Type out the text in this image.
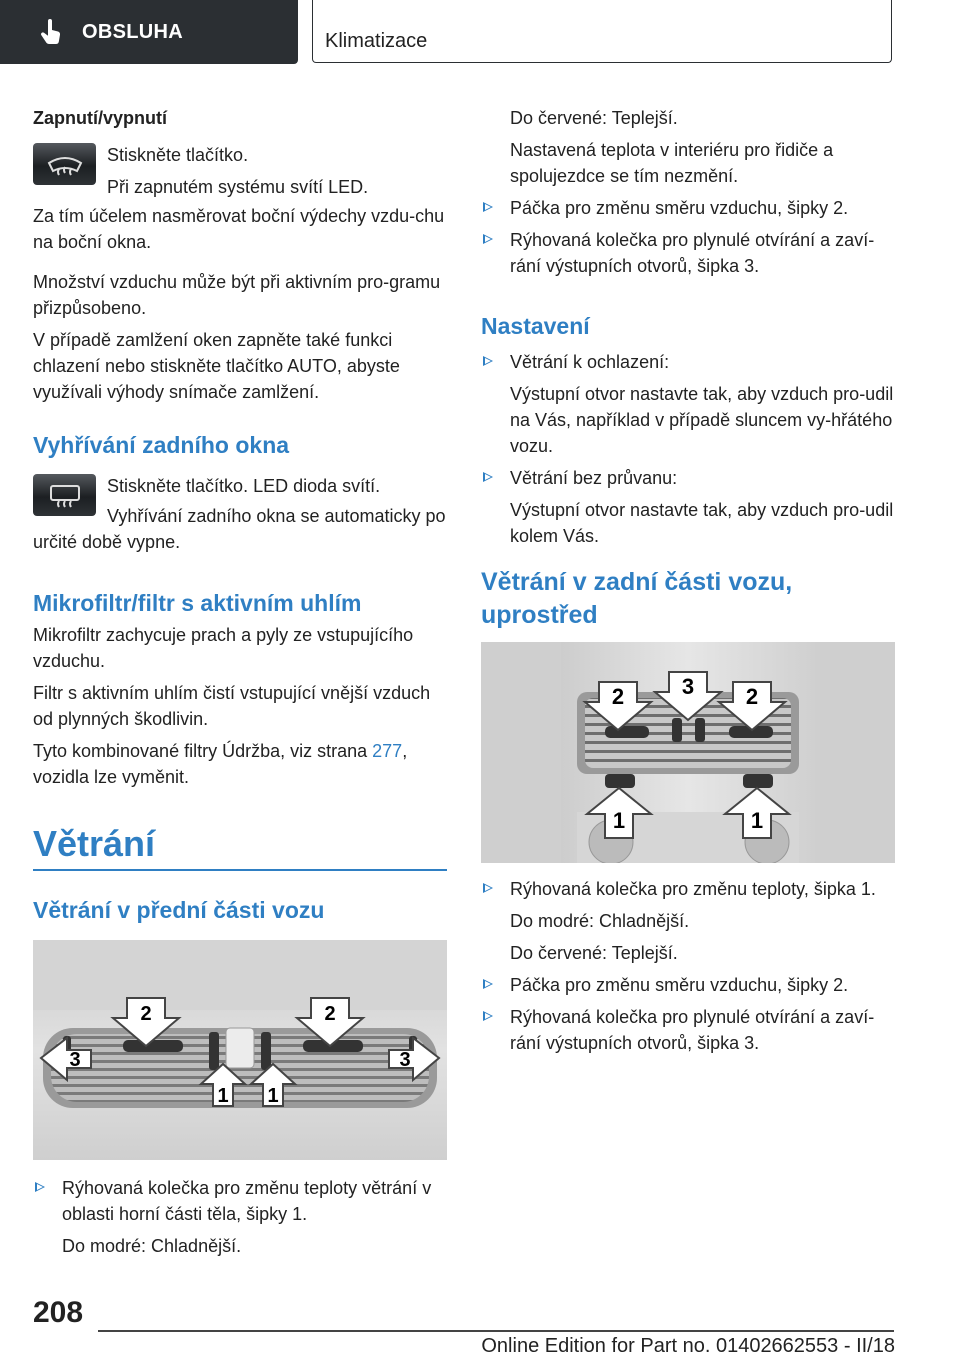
OBSLUHA	Klimatizace

Zapnutí/vypnutí

Stiskněte tlačítko.

Při zapnutém systému svítí LED.

Za tím účelem nasměrovat boční výdechy vzdu-chu na boční okna.

Množství vzduchu může být při aktivním pro-gramu přizpůsobeno.

V případě zamlžení oken zapněte také funkci chlazení nebo stiskněte tlačítko AUTO, abyste využívali výhody snímače zamlžení.

Vyhřívání zadního okna

Stiskněte tlačítko. LED dioda svítí.

Vyhřívání zadního okna se automaticky po určité době vypne.

Mikrofiltr/filtr s aktivním uhlím

Mikrofiltr zachycuje prach a pyly ze vstupujícího vzduchu.

Filtr s aktivním uhlím čistí vstupující vnější vzduch od plynných škodlivin.

Tyto kombinované filtry Údržba, viz strana 277, vozidla lze vyměnit.

Větrání

Větrání v přední části vozu

2	2
3
1 1
3
Rýhovaná kolečka pro změnu teploty větrání v oblasti horní části těla, šipky 1.

Do modré: Chladnější.

Do červené: Teplejší.

Nastavená teplota v interiéru pro řidiče a spolujezdce se tím nezmění.

Páčka pro změnu směru vzduchu, šipky 2.
Rýhovaná kolečka pro plynulé otvírání a zaví-rání výstupních otvorů, šipka 3.

Nastavení

Větrání k ochlazení:

Výstupní otvor nastavte tak, aby vzduch pro-udil na Vás, například v případě sluncem vy-hřátého vozu.

Větrání bez průvanu:

Výstupní otvor nastavte tak, aby vzduch pro-udil kolem Vás.

Větrání v zadní části vozu, uprostřed

2	3 2
1	1
Rýhovaná kolečka pro změnu teploty, šipka 1.

Do modré: Chladnější.

Do červené: Teplejší.

Páčka pro změnu směru vzduchu, šipky 2.
Rýhovaná kolečka pro plynulé otvírání a zaví-rání výstupních otvorů, šipka 3.
208
Online Edition for Part no. 01402662553 - II/18
